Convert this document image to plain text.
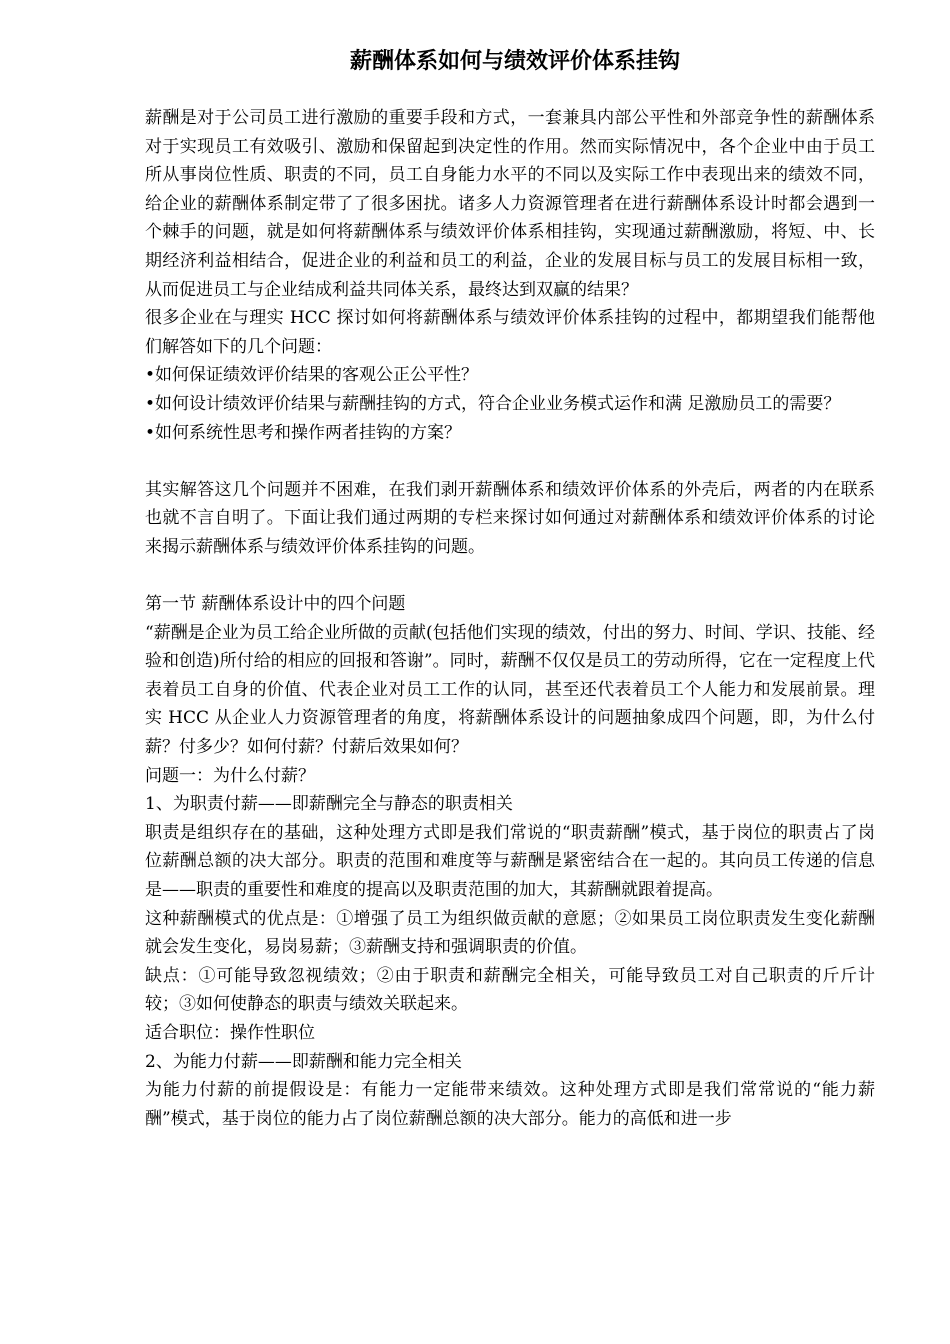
薪酬体系如何与绩效评价体系挂钩

薪酬是对于公司员工进行激励的重要手段和方式，一套兼具内部公平性和外部竞争性的薪酬体系对于实现员工有效吸引、激励和保留起到决定性的作用。然而实际情况中，各个企业中由于员工所从事岗位性质、职责的不同，员工自身能力水平的不同以及实际工作中表现出来的绩效不同，给企业的薪酬体系制定带了了很多困扰。诸多人力资源管理者在进行薪酬体系设计时都会遇到一个棘手的问题，就是如何将薪酬体系与绩效评价体系相挂钩，实现通过薪酬激励，将短、中、长期经济利益相结合，促进企业的利益和员工的利益，企业的发展目标与员工的发展目标相一致，从而促进员工与企业结成利益共同体关系，最终达到双赢的结果？

很多企业在与理实 HCC 探讨如何将薪酬体系与绩效评价体系挂钩的过程中，都期望我们能帮他们解答如下的几个问题：

•如何保证绩效评价结果的客观公正公平性？

•如何设计绩效评价结果与薪酬挂钩的方式，符合企业业务模式运作和满 足激励员工的需要？

•如何系统性思考和操作两者挂钩的方案？

其实解答这几个问题并不困难，在我们剥开薪酬体系和绩效评价体系的外壳后，两者的内在联系也就不言自明了。下面让我们通过两期的专栏来探讨如何通过对薪酬体系和绩效评价体系的讨论来揭示薪酬体系与绩效评价体系挂钩的问题。

第一节 薪酬体系设计中的四个问题

“薪酬是企业为员工给企业所做的贡献(包括他们实现的绩效，付出的努力、时间、学识、技能、经验和创造)所付给的相应的回报和答谢”。同时，薪酬不仅仅是员工的劳动所得，它在一定程度上代表着员工自身的价值、代表企业对员工工作的认同，甚至还代表着员工个人能力和发展前景。理实 HCC 从企业人力资源管理者的角度，将薪酬体系设计的问题抽象成四个问题，即，为什么付薪？付多少？如何付薪？付薪后效果如何？

问题一：为什么付薪？

1、为职责付薪——即薪酬完全与静态的职责相关

职责是组织存在的基础，这种处理方式即是我们常说的“职责薪酬”模式，基于岗位的职责占了岗位薪酬总额的决大部分。职责的范围和难度等与薪酬是紧密结合在一起的。其向员工传递的信息是——职责的重要性和难度的提高以及职责范围的加大，其薪酬就跟着提高。

这种薪酬模式的优点是：①增强了员工为组织做贡献的意愿；②如果员工岗位职责发生变化薪酬就会发生变化，易岗易薪；③薪酬支持和强调职责的价值。

缺点：①可能导致忽视绩效；②由于职责和薪酬完全相关，可能导致员工对自己职责的斤斤计较；③如何使静态的职责与绩效关联起来。

适合职位：操作性职位

2、为能力付薪——即薪酬和能力完全相关

为能力付薪的前提假设是：有能力一定能带来绩效。这种处理方式即是我们常常说的“能力薪酬”模式，基于岗位的能力占了岗位薪酬总额的决大部分。能力的高低和进一步
